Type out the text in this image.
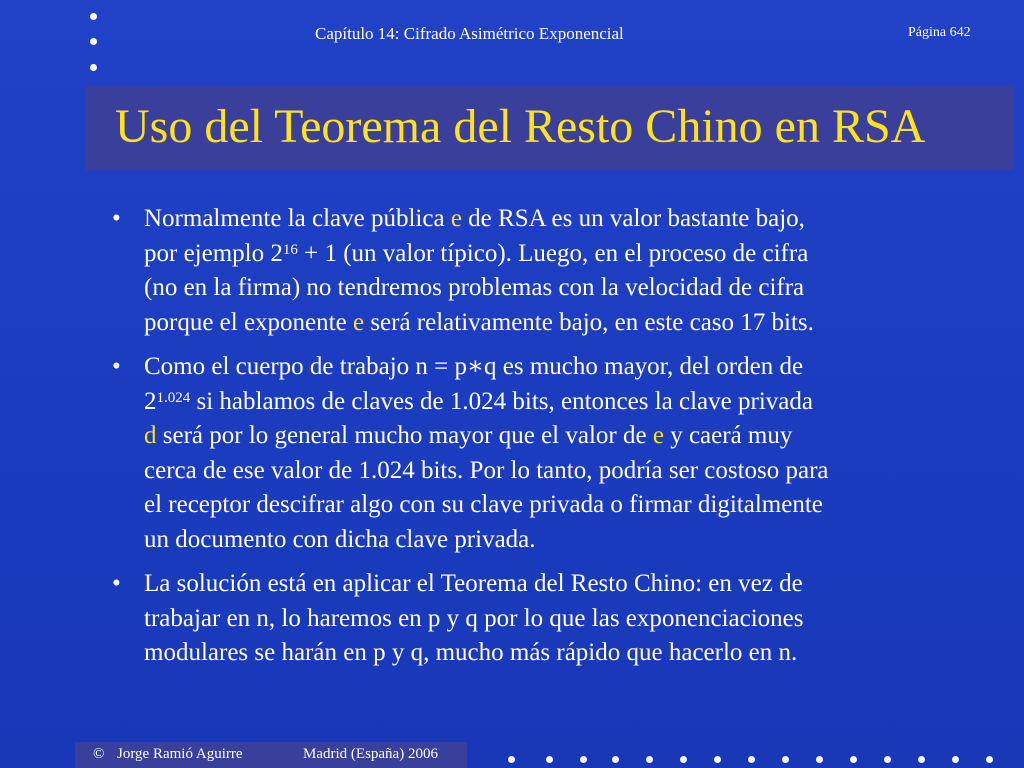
Capítulo 14: Cifrado Asimétrico Exponencial	Página 642
Uso del Teorema del Resto Chino en RSA
• Normalmente la clave pública e de RSA es un valor bastante bajo,
por ejemplo $2^{16} + 1$ (un valor típico). Luego, en el proceso de cifra
(no en la firma) no tendremos problemas con la velocidad de cifra
porque el exponente e será relativamente bajo, en este caso 17 bits.
• Como el cuerpo de trabajo n = p∗q es mucho mayor, del orden de
$2^{1.024}$ si hablamos de claves de 1.024 bits, entonces la clave privada
d será por lo general mucho mayor que el valor de e y caerá muy
cerca de ese valor de 1.024 bits. Por lo tanto, podría ser costoso para
el receptor descifrar algo con su clave privada o firmar digitalmente
un documento con dicha clave privada.
• La solución está en aplicar el Teorema del Resto Chino: en vez de
trabajar en n, lo haremos en p y q por lo que las exponenciaciones
modulares se harán en p y q, mucho más rápido que hacerlo en n.
© Jorge Ramió Aguirre	Madrid (España) 2006
